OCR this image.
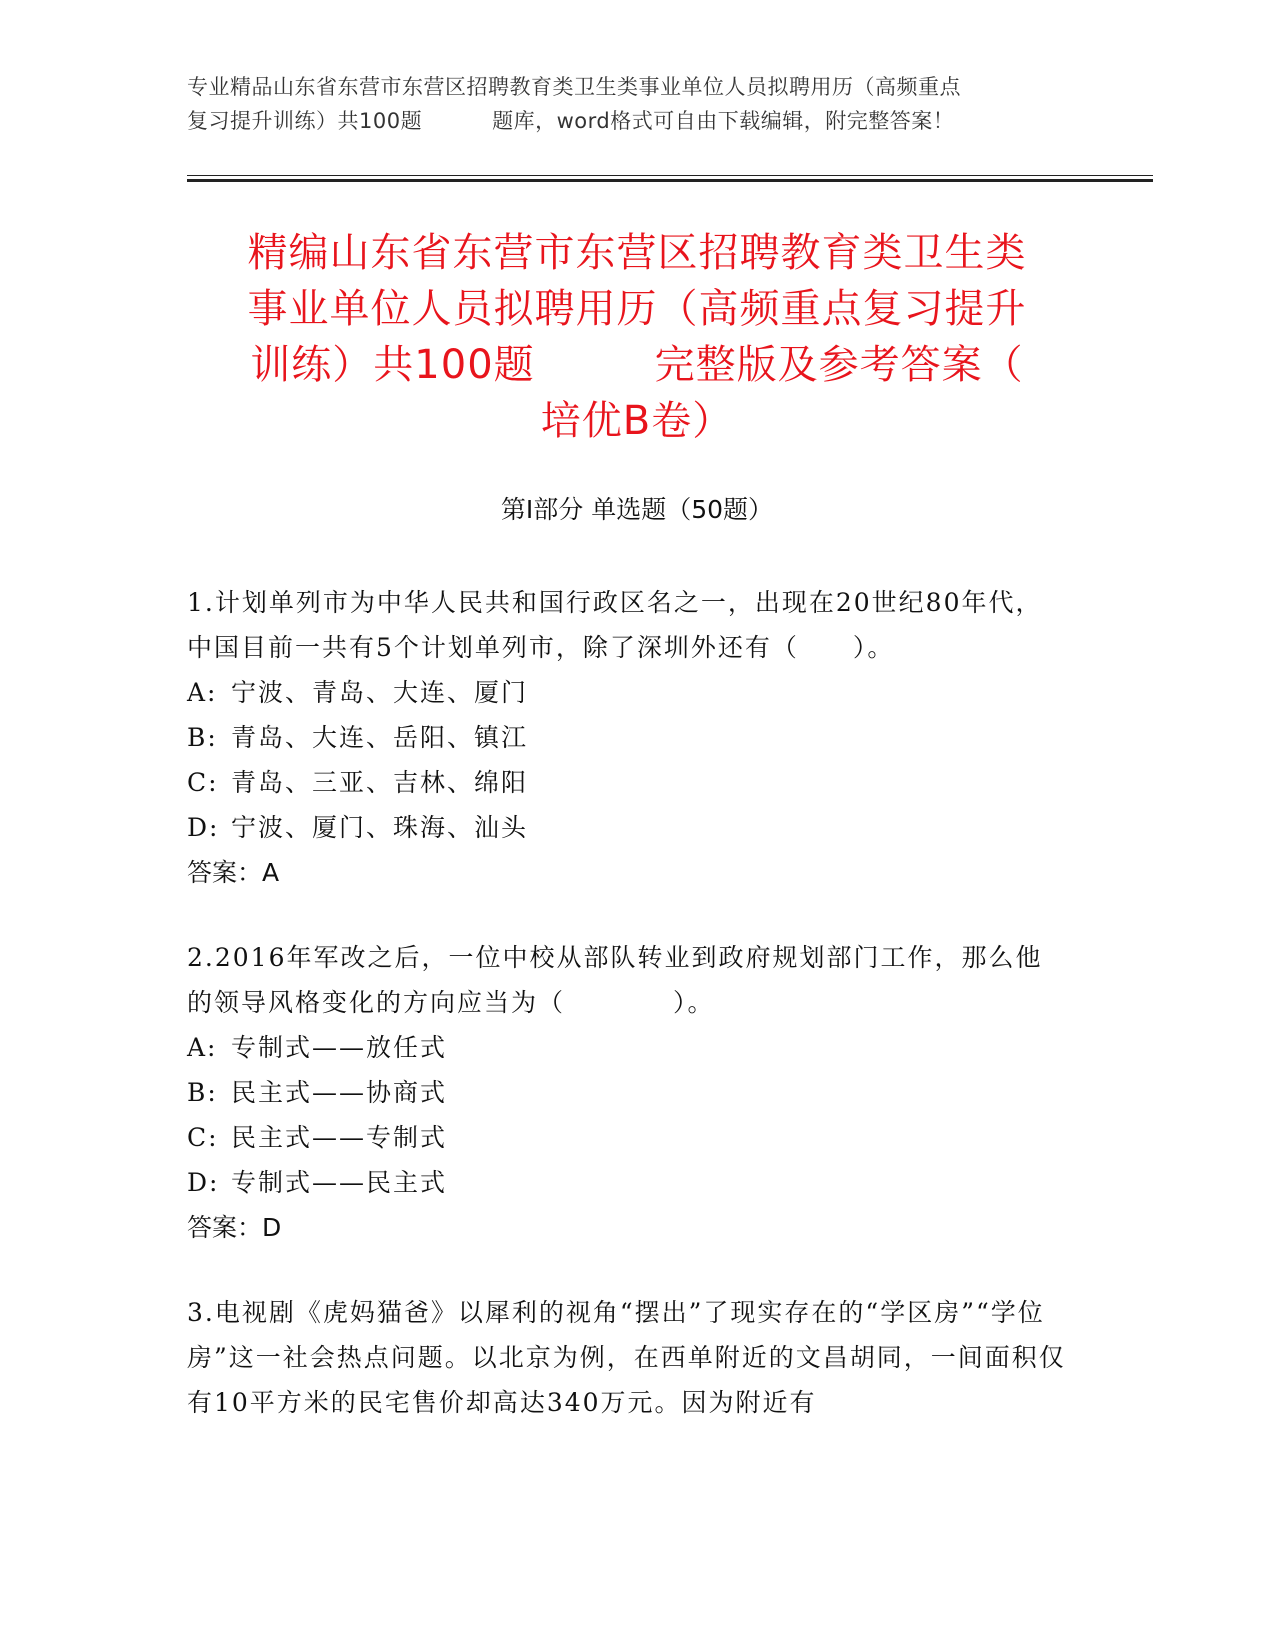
专业精品山东省东营市东营区招聘教育类卫生类事业单位人员拟聘用历（高频重点
复习提升训练）共100题	题库，word格式可自由下载编辑，附完整答案！
精编山东省东营市东营区招聘教育类卫生类
事业单位人员拟聘用历（高频重点复习提升
训练）共100题	完整版及参考答案（
培优B卷）
第Ⅰ部分 单选题（50题）
1.计划单列市为中华人民共和国行政区名之一，出现在20世纪80年代，中国目前一共有5个计划单列市，除了深圳外还有（　　）。
A: 宁波、青岛、大连、厦门
B: 青岛、大连、岳阳、镇江
C: 青岛、三亚、吉林、绵阳
D: 宁波、厦门、珠海、汕头
答案：A
2.2016年军改之后，一位中校从部队转业到政府规划部门工作，那么他的领导风格变化的方向应当为（　　　　）。
A: 专制式——放任式
B: 民主式——协商式
C: 民主式——专制式
D: 专制式——民主式
答案：D
3.电视剧《虎妈猫爸》以犀利的视角“摆出”了现实存在的“学区房”“学位房”这一社会热点问题。以北京为例，在西单附近的文昌胡同，一间面积仅有10平方米的民宅售价却高达340万元。因为附近有
